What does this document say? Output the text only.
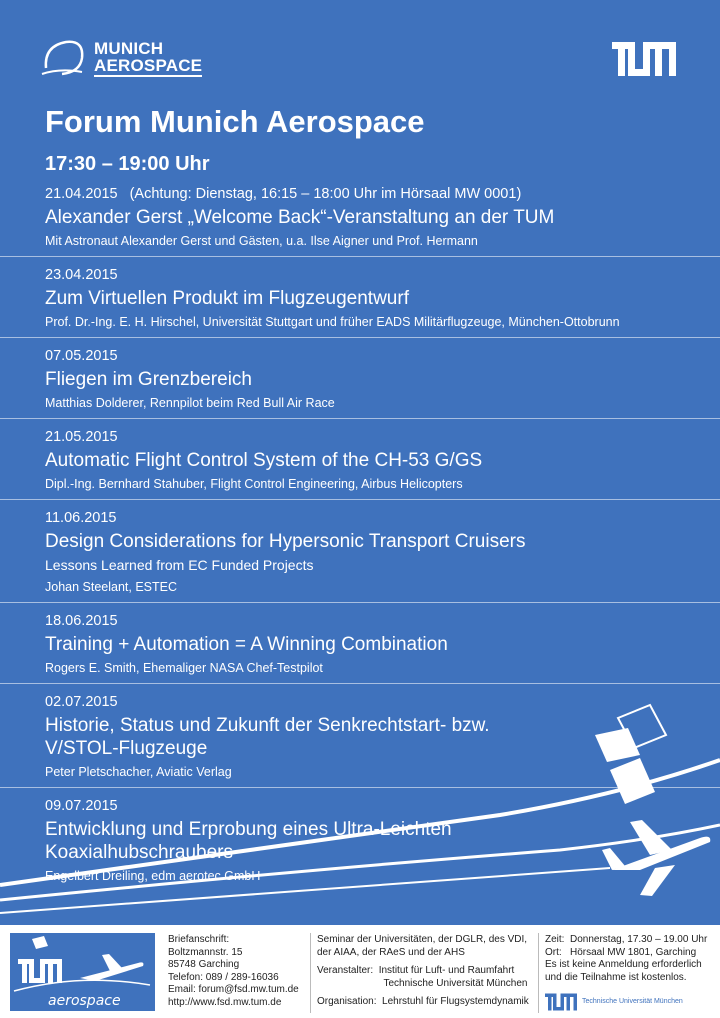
MUNICH
AEROSPACE
Forum Munich Aerospace
17:30 – 19:00 Uhr
21.04.2015 (Achtung: Dienstag, 16:15 – 18:00 Uhr im Hörsaal MW 0001)
Alexander Gerst „Welcome Back“-Veranstaltung an der TUM
Mit Astronaut Alexander Gerst und Gästen, u.a. Ilse Aigner und Prof. Hermann
23.04.2015
Zum Virtuellen Produkt im Flugzeugentwurf
Prof. Dr.-Ing. E. H. Hirschel, Universität Stuttgart und früher EADS Militärflugzeuge, München-Ottobrunn
07.05.2015
Fliegen im Grenzbereich
Matthias Dolderer, Rennpilot beim Red Bull Air Race
21.05.2015
Automatic Flight Control System of the CH-53 G/GS
Dipl.-Ing. Bernhard Stahuber, Flight Control Engineering, Airbus Helicopters
11.06.2015
Design Considerations for Hypersonic Transport Cruisers
Lessons Learned from EC Funded Projects
Johan Steelant, ESTEC
18.06.2015
Training + Automation = A Winning Combination
Rogers E. Smith, Ehemaliger NASA Chef-Testpilot
02.07.2015
Historie, Status und Zukunft der Senkrechtstart- bzw.
V/STOL-Flugzeuge
Peter Pletschacher, Aviatic Verlag
09.07.2015
Entwicklung und Erprobung eines Ultra-Leichten
Koaxialhubschraubers
Engelbert Dreiling, edm aerotec GmbH
aerospace
Briefanschrift:
Boltzmannstr. 15
85748 Garching
Telefon: 089 / 289-16036
Email: forum@fsd.mw.tum.de
http://www.fsd.mw.tum.de
Seminar der Universitäten, der DGLR, des VDI,
der AIAA, der RAeS und der AHS
Veranstalter:  Institut für Luft- und Raumfahrt
Technische Universität München
Organisation:  Lehrstuhl für Flugsystemdynamik
Zeit:  Donnerstag, 17.30 – 19.00 Uhr
Ort:   Hörsaal MW 1801, Garching
Es ist keine Anmeldung erforderlich
und die Teilnahme ist kostenlos.
Technische Universität München
